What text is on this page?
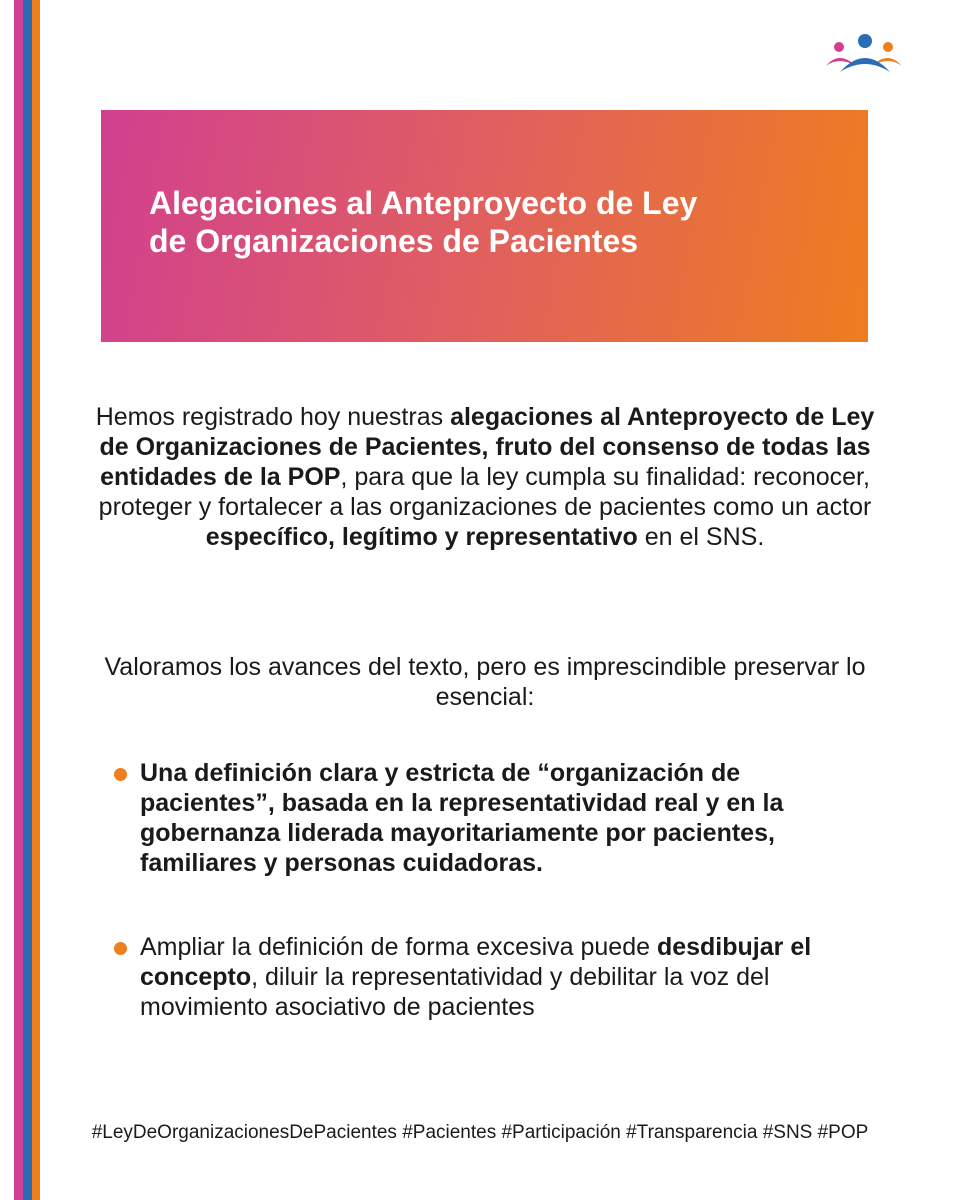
Alegaciones al Anteproyecto de Ley
de Organizaciones de Pacientes
Hemos registrado hoy nuestras alegaciones al Anteproyecto de Ley de Organizaciones de Pacientes, fruto del consenso de todas las entidades de la POP, para que la ley cumpla su finalidad: reconocer, proteger y fortalecer a las organizaciones de pacientes como un actor específico, legítimo y representativo en el SNS.
Valoramos los avances del texto, pero es imprescindible preservar lo esencial:
Una definición clara y estricta de “organización de pacientes”, basada en la representatividad real y en la gobernanza liderada mayoritariamente por pacientes, familiares y personas cuidadoras.
Ampliar la definición de forma excesiva puede desdibujar el concepto, diluir la representatividad y debilitar la voz del movimiento asociativo de pacientes
#LeyDeOrganizacionesDePacientes #Pacientes #Participación #Transparencia #SNS #POP
